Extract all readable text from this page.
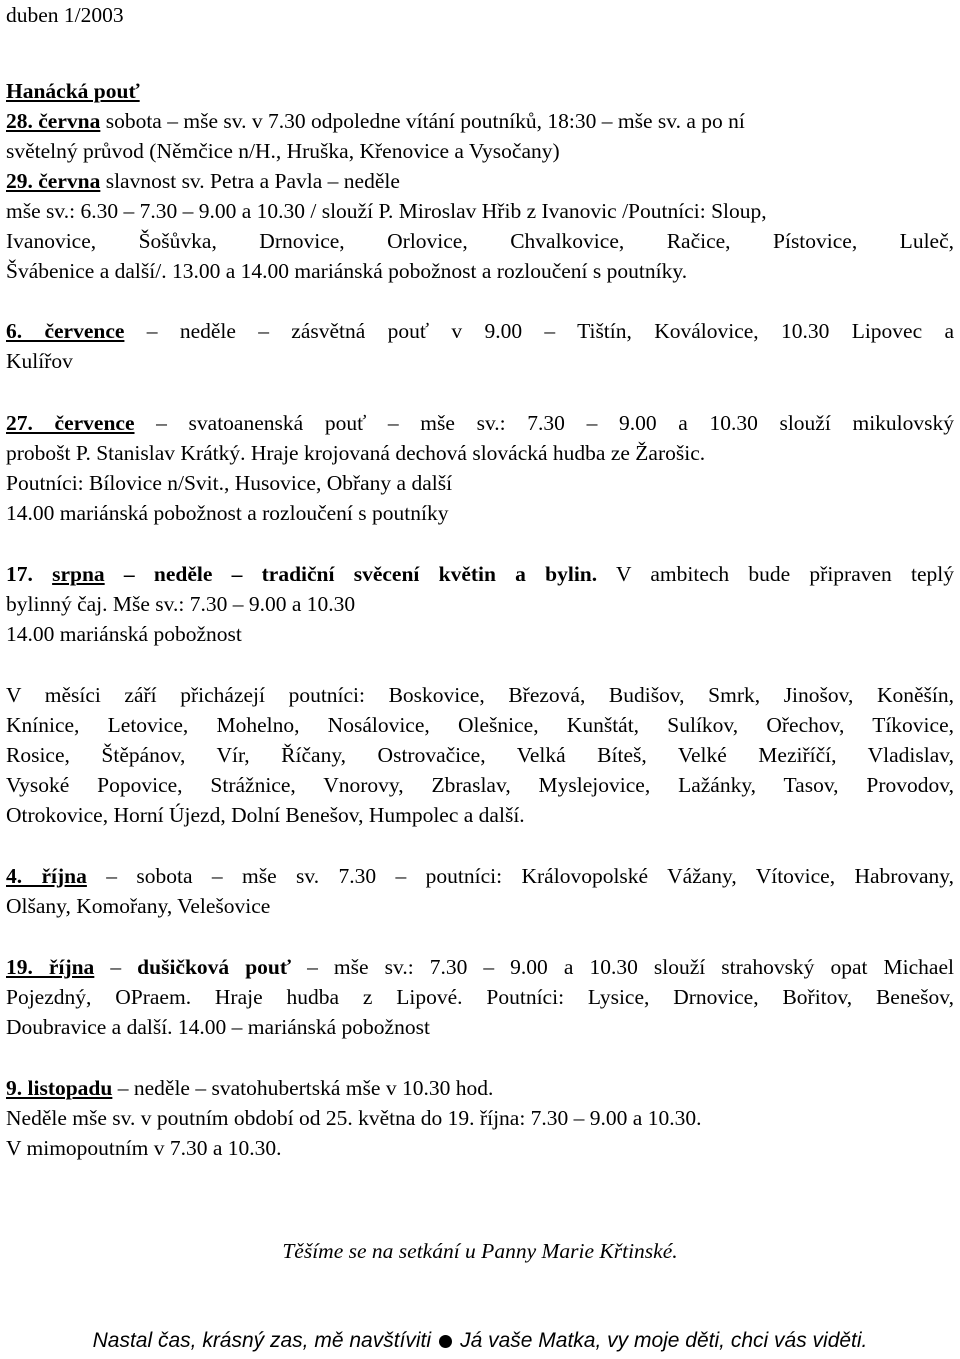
duben 1/2003

Hanácká pouť

28. června sobota – mše sv. v 7.30 odpoledne vítání poutníků, 18:30 – mše sv. a po ní

světelný průvod (Němčice n/H., Hruška, Křenovice a Vysočany)

29. června slavnost sv. Petra a Pavla – neděle

mše sv.: 6.30 – 7.30 – 9.00 a 10.30 / slouží P. Miroslav Hřib z Ivanovic /Poutníci: Sloup,

Ivanovice, Šošůvka, Drnovice, Orlovice, Chvalkovice, Račice, Pístovice, Luleč,

Švábenice a další/. 13.00 a 14.00 mariánská pobožnost a rozloučení s poutníky.

6. července – neděle – zásvětná pouť v 9.00 – Tištín, Koválovice, 10.30 Lipovec a

Kulířov

27. července – svatoanenská pouť – mše sv.: 7.30 – 9.00 a 10.30 slouží mikulovský

probošt P. Stanislav Krátký. Hraje krojovaná dechová slovácká hudba ze Žarošic.

Poutníci: Bílovice n/Svit., Husovice, Obřany a další

14.00 mariánská pobožnost a rozloučení s poutníky

17. srpna – neděle – tradiční svěcení květin a bylin. V ambitech bude připraven teplý

bylinný čaj. Mše sv.: 7.30 – 9.00 a 10.30

14.00 mariánská pobožnost

V měsíci září přicházejí poutníci: Boskovice, Březová, Budišov, Smrk, Jinošov, Koněšín,

Knínice, Letovice, Mohelno, Nosálovice, Olešnice, Kunštát, Sulíkov, Ořechov, Tíkovice,

Rosice, Štěpánov, Vír, Říčany, Ostrovačice, Velká Bíteš, Velké Meziříčí, Vladislav,

Vysoké Popovice, Strážnice, Vnorovy, Zbraslav, Myslejovice, Lažánky, Tasov, Provodov,

Otrokovice, Horní Újezd, Dolní Benešov, Humpolec a další.

4. října – sobota – mše sv. 7.30 – poutníci: Královopolské Vážany, Vítovice, Habrovany,

Olšany, Komořany, Velešovice

19. října – dušičková pouť – mše sv.: 7.30 – 9.00 a 10.30 slouží strahovský opat Michael

Pojezdný, OPraem. Hraje hudba z Lipové. Poutníci: Lysice, Drnovice, Bořitov, Benešov,

Doubravice a další. 14.00 – mariánská pobožnost

9. listopadu – neděle – svatohubertská mše v 10.30 hod.

Neděle mše sv. v poutním období od 25. května do 19. října: 7.30 – 9.00 a 10.30.

V mimopoutním v 7.30 a 10.30.

Těšíme se na setkání u Panny Marie Křtinské.

Nastal čas, krásný zas, mě navštíviti Já vaše Matka, vy moje děti, chci vás viděti.
